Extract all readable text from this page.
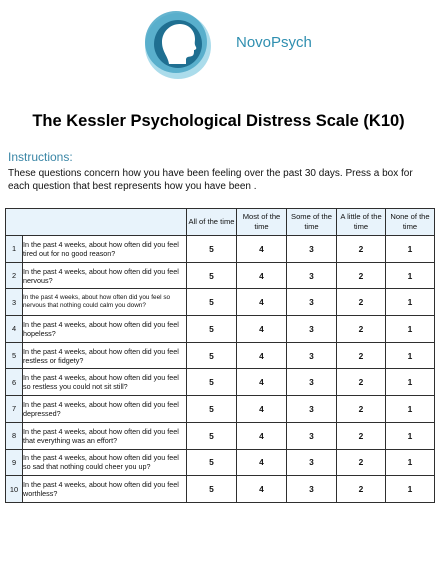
NovoPsych
The Kessler Psychological Distress Scale (K10)
Instructions:
These questions concern how you have been feeling over the past 30 days. Press a box for each question that best represents how you have been .
		All of the time	Most of the time	Some of the time	A little of the time	None of the time
1	In the past 4 weeks, about how often did you feel tired out for no good reason?	5	4	3	2	1
2	In the past 4 weeks, about how often did you feel nervous?	5	4	3	2	1
3	In the past 4 weeks, about how often did you feel so nervous that nothing could calm you down?	5	4	3	2	1
4	In the past 4 weeks, about how often did you feel hopeless?	5	4	3	2	1
5	In the past 4 weeks, about how often did you feel restless or fidgety?	5	4	3	2	1
6	In the past 4 weeks, about how often did you feel so restless you could not sit still?	5	4	3	2	1
7	In the past 4 weeks, about how often did you feel depressed?	5	4	3	2	1
8	In the past 4 weeks, about how often did you feel that everything was an effort?	5	4	3	2	1
9	In the past 4 weeks, about how often did you feel so sad that nothing could cheer you up?	5	4	3	2	1
10	In the past 4 weeks, about how often did you feel worthless?	5	4	3	2	1
